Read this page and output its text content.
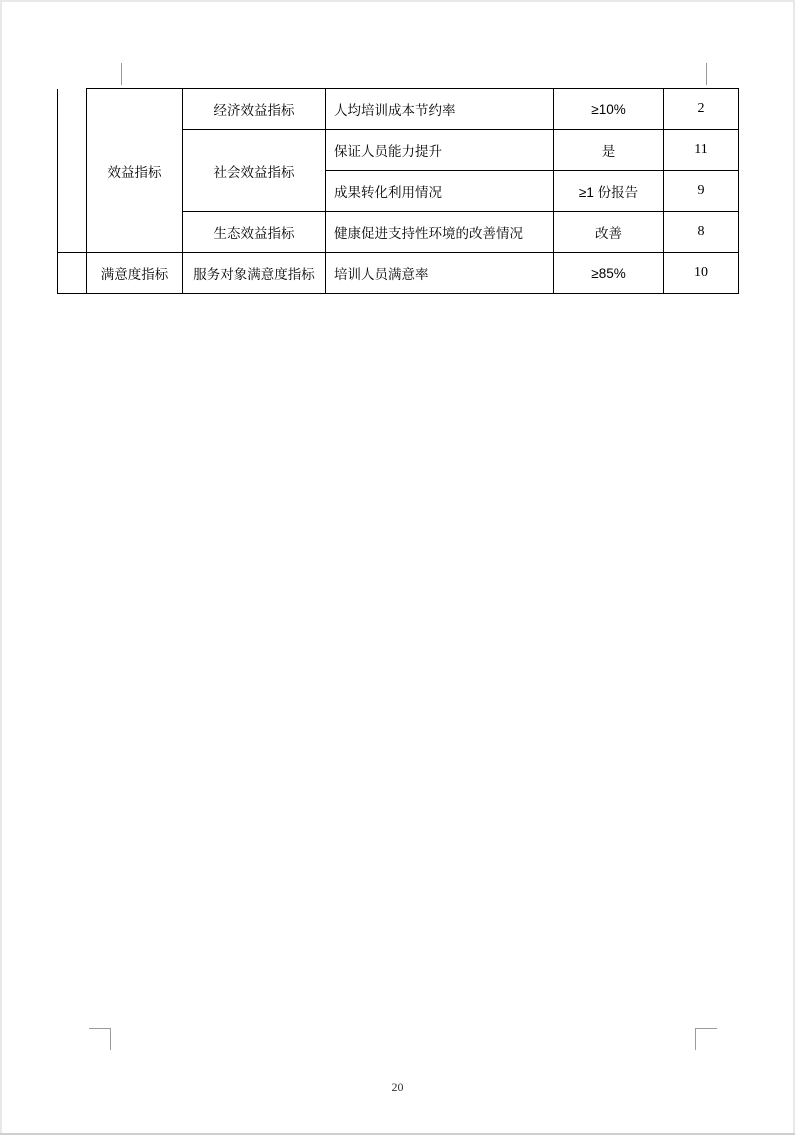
	效益指标	经济效益指标	人均培训成本节约率	≥10%	2
		社会效益指标	保证人员能力提升	是	11
			成果转化利用情况	≥1 份报告	9
		生态效益指标	健康促进支持性环境的改善情况	改善	8
	满意度指标	服务对象满意度指标	培训人员满意率	≥85%	10
20
